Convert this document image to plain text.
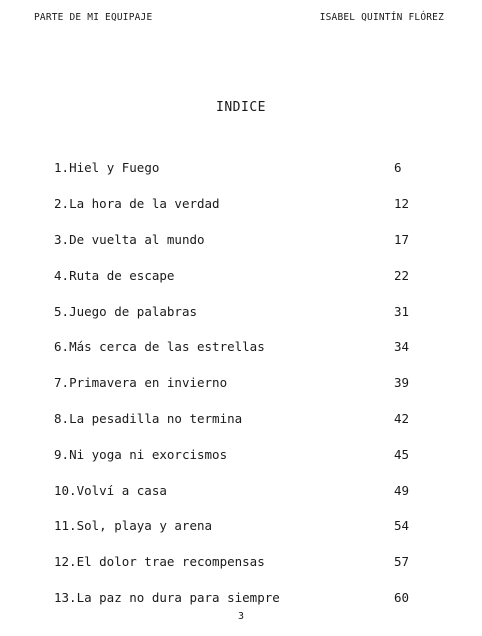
PARTE DE MI EQUIPAJE	ISABEL QUINTÍN FLÓREZ
INDICE
1. Hiel y Fuego	6
2. La hora de la verdad	12
3. De vuelta al mundo	17
4. Ruta de escape	22
5. Juego de palabras	31
6. Más cerca de las estrellas	34
7. Primavera en invierno	39
8. La pesadilla no termina	42
9. Ni yoga ni exorcismos	45
10. Volví a casa	49
11. Sol, playa y arena	54
12. El dolor trae recompensas	57
13. La paz no dura para siempre	60
3
